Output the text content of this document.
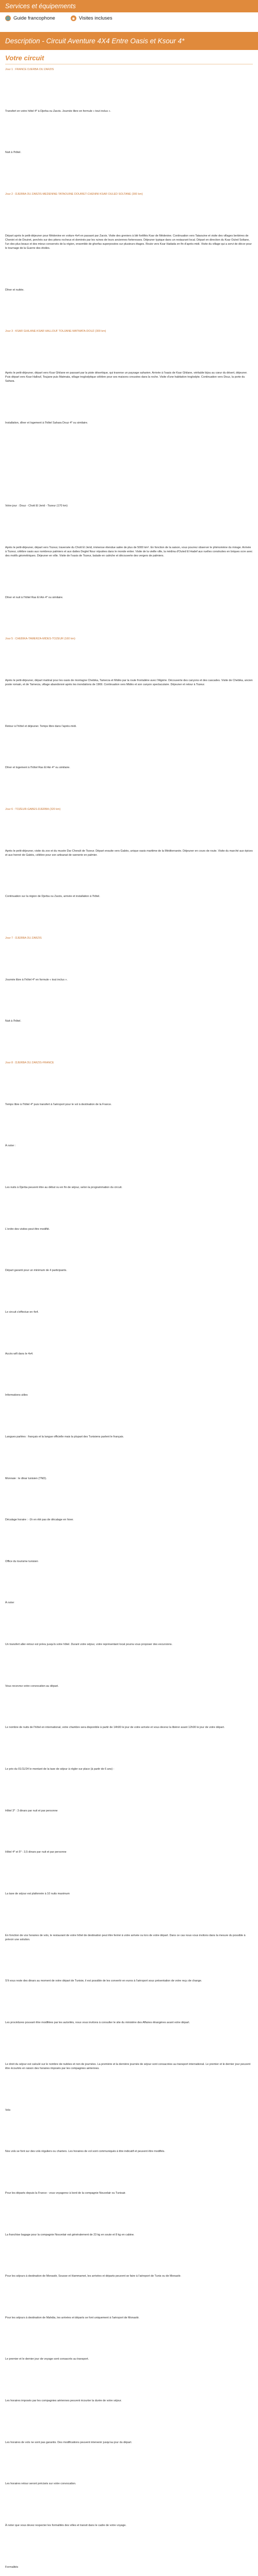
Services et équipements
🌐
Guide francophone
◉	Visites incluses
Description - Circuit Aventure 4X4 Entre Oasis et Ksour 4*
Votre circuit

Jour 1 : FRANCE DJERBA OU ZARZIS

Transfert en votre hôtel 4* à Djerba ou Zarzis. Journée libre en formule « tout inclus ».

Nuit à l'hôtel.

Jour 2 : DJERBA OU ZARZIS-MEDENINE-TATAOUINE DOUIRET-CHENINI KSAR OULED SOLTANE (300 km)

Départ après le petit-déjeuner pour Médenine en voiture 4x4 en passant par Zarzis. Visite des greniers à blé fortifiés Ksar de Médenine. Continuation vers Tataouine et visite des villages berbères de Chenini et de Douiret, perchés sur des pitons rocheux et dominés par les ruines de leurs anciennes forteresses. Déjeuner typique dans un restaurant local. Départ en direction du Ksar Ouled Soltane, l'un des plus beaux et des mieux conservés de la région, ensemble de ghorfas superposées sur plusieurs étages. Route vers Ksar Hadada en fin d'après-midi. Visite du village qui a servi de décor pour le tournage de la Guerre des étoiles.

Dîner et nuitée.

Jour 3 : KSAR GHILANE-KSAR HALLOUF TOUJANE-MATMATA-DOUZ (300 km)

Après le petit-déjeuner, départ vers Ksar Ghilane en passant par la piste désertique, qui traverse un paysage saharien. Arrivée à l'oasis de Ksar Ghilane, véritable bijou au cœur du désert, déjeuner. Puis départ vers Ksar Hallouf, Toujane puis Matmata, village troglodytique célèbre pour ses maisons creusées dans la roche. Visite d'une habitation troglodyte. Continuation vers Douz, la porte du Sahara.

Installation, dîner et logement à l'hôtel Sahara Douz 4* ou similaire.

Votre jour : Douz - Chott El Jerid - Tozeur (170 km)

Après le petit-déjeuner, départ vers Tozeur, traversée du Chott El Jerid, immense étendue salée de plus de 5000 km². En fonction de la saison, vous pourrez observer le phénomène du mirage. Arrivée à Tozeur, célèbre oasis aux nombreux palmiers et aux dattes Deglet Nour réputées dans le monde entier. Visite de la vieille ville, la médina d'Ouled El Hadef aux ruelles construites en briques ocre avec des motifs géométriques. Déjeuner en ville. Visite de l'oasis de Tozeur, balade en calèche et découverte des vergers de palmiers.

Dîner et nuit à l'hôtel Ras El Ain 4* ou similaire.

Jour 5 : CHEBIKA-TAMERZA-MIDES-TOZEUR (160 km)

Après le petit-déjeuner, départ matinal pour les oasis de montagne Chebika, Tamerza et Midès par la route frontalière avec l'Algérie. Découverte des canyons et des cascades. Visite de Chebika, ancien poste romain, et de Tamerza, village abandonné après les inondations de 1969. Continuation vers Midès et son canyon spectaculaire. Déjeuner et retour à Tozeur.

Retour à l'hôtel et déjeuner. Temps libre dans l'après-midi.

Dîner et logement à l'hôtel Ras El Ain 4* ou similaire.

Jour 6 : TOZEUR-GABES-DJERBA (320 km)

Après le petit-déjeuner, visite du zoo et du musée Dar Cheraït de Tozeur. Départ ensuite vers Gabès, unique oasis maritime de la Méditerranée. Déjeuner en cours de route. Visite du marché aux épices et aux henné de Gabès, célèbre pour son artisanat de vannerie en palmier.

Continuation sur la région de Djerba ou Zarzis, arrivée et installation à l'hôtel.

Jour 7 : DJERBA OU ZARZIS

Journée libre à l'hôtel 4* en formule « tout inclus ».

Nuit à l'hôtel.

Jour 8 : DJERBA OU ZARZIS-FRANCE

Temps libre à l'hôtel 4* puis transfert à l'aéroport pour le vol à destination de la France.

À noter :

Les nuits à Djerba peuvent être au début ou en fin de séjour, selon la programmation du circuit.

L'ordre des visites peut être modifié.

Départ garanti pour un minimum de 4 participants.

Le circuit s'effectue en 4x4.

Accès wifi dans le 4x4.

Informations utiles

Langues parlées : français et la langue officielle mais la plupart des Tunisiens parlent le français.

Monnaie : le dinar tunisien (TND).

Décalage horaire : -1h en été pas de décalage en hiver.

Office du tourisme tunisien

À noter

Un transfert aller-retour est prévu jusqu'à votre hôtel. Durant votre séjour, votre représentant local pourra vous proposer des excursions.

Vous recevrez votre convocation au départ.

Le nombre de nuits de l'hôtel en international, votre chambre sera disponible à partir de 14h00 le jour de votre arrivée et vous devrez la libérer avant 12h00 le jour de votre départ.

Le prix du 01/11/24 le montant de la taxe de séjour à régler sur place (à partir de 6 ans) :

Hôtel 3* : 3 dinars par nuit et par personne

Hôtel 4* et 5* : 3,5 dinars par nuit et par personne

La taxe de séjour est plafonnée à 10 nuits maximum

En fonction de vos horaires de vols, le restaurant de votre hôtel de destination peut être fermé à votre arrivée ou lors de votre départ. Dans ce cas nous vous invitons dans la mesure du possible à prévoir une solution.

S'il vous reste des dinars au moment de votre départ de Tunisie, il est possible de les convertir en euros à l'aéroport sous présentation de votre reçu de change.

Les procédures pouvant être modifiées par les autorités, nous vous invitons à consulter le site du ministère des Affaires étrangères avant votre départ.

Le droit du séjour est calculé sur le nombre de nuitées et non de journées. La première et la dernière journée de séjour sont consacrées au transport international. Le premier et le dernier jour peuvent être écourtés en raison des horaires imposés par les compagnies aériennes.

Vols

Nos vols se font sur des vols réguliers ou charters. Les horaires de vol sont communiqués à titre indicatif et peuvent être modifiés.

Pour les départs depuis la France : vous voyagerez à bord de la compagnie Nouvelair ou Tunisair.

La franchise bagage pour la compagnie Nouvelair est généralement de 23 kg en soute et 8 kg en cabine.

Pour les séjours à destination de Monastir, Sousse et Hammamet, les arrivées et départs peuvent se faire à l'aéroport de Tunis ou de Monastir.

Pour les séjours à destination de Mahdia, les arrivées et départs se font uniquement à l'aéroport de Monastir.

Le premier et le dernier jour de voyage sont consacrés au transport.

Les horaires imposés par les compagnies aériennes peuvent écourter la durée de votre séjour.

Les horaires de vols ne sont pas garantis. Des modifications peuvent intervenir jusqu'au jour du départ.

Les horaires retour seront précisés sur votre convocation.

À noter que vous devez respecter les formalités des villes et transit dans le cadre de votre voyage.

Formalités
